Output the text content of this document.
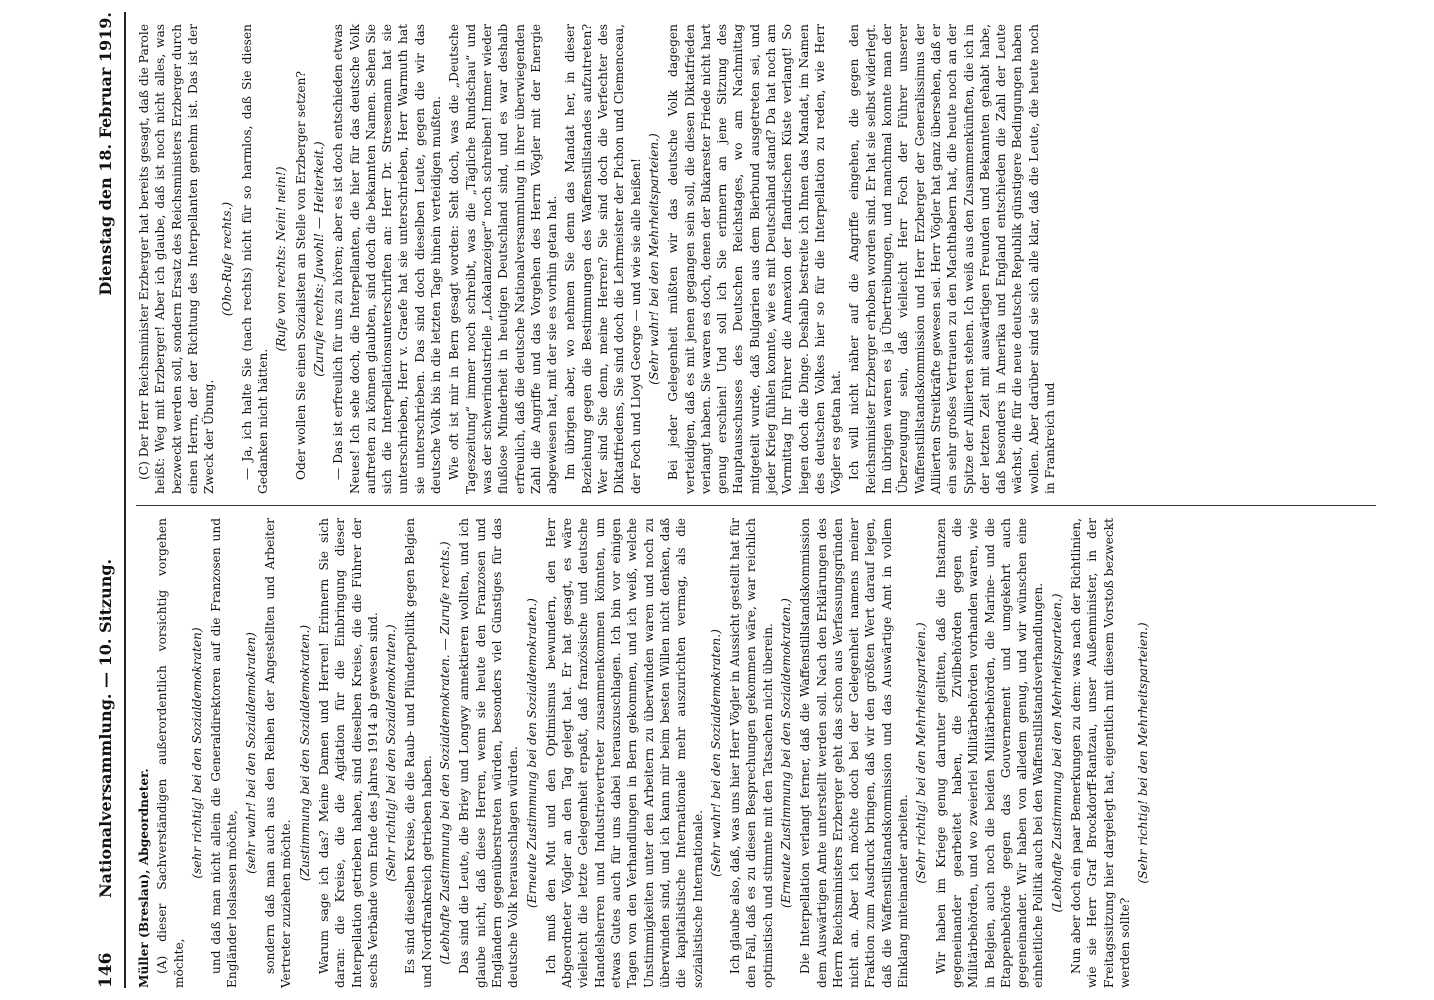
146
Nationalversammlung. — 10. Sitzung.
Dienstag den 18. Februar 1919.

Müller (Breslau), Abgeordneter. (A) dieser Sachverständigen außerordentlich vorsichtig vorgehen möchte,

(sehr richtig! bei den Sozialdemokraten) und daß man nicht allein die Generaldirektoren auf die Franzosen und Engländer loslassen möchte,

(sehr wahr! bei den Sozialdemokraten) sondern daß man auch aus den Reihen der Angestellten und Arbeiter Vertreter zuziehen möchte.

(Zustimmung bei den Sozialdemokraten.) Warum sage ich das? Meine Damen und Herren! Erinnern Sie sich daran: die Kreise, die die Agitation für die Einbringung dieser Interpellation getrieben haben, sind dieselben Kreise, die die Führer der sechs Verbände vom Ende des Jahres 1914 ab gewesen sind. (Sehr richtig! bei den Sozialdemokraten.) Es sind dieselben Kreise, die die Raub- und Plünderpolitik gegen Belgien und Nordfrankreich getrieben haben. (Lebhafte Zustimmung bei den Sozialdemokraten. — Zurufe rechts.) Das sind die Leute, die Briey und Longwy annektieren wollten, und ich glaube nicht, daß diese Herren, wenn sie heute den Franzosen und Engländern gegenüberstreten würden, besonders viel Günstiges für das deutsche Volk herausschlagen würden. (Erneute Zustimmung bei den Sozialdemokraten.) Ich muß den Mut und den Optimismus bewundern, den Herr Abgeordneter Vögler an den Tag gelegt hat. Er hat gesagt, es wäre vielleicht die letzte Gelegenheit erpaßt, daß französische und deutsche Handelsherren und Industrievertreter zusammenkommen könnten, um etwas Gutes auch für uns dabei herauszuschlagen. Ich bin vor einigen Tagen von den Verhandlungen in Bern gekommen, und ich weiß, welche Unstimmigkeiten unter den Arbeitern zu überwinden waren und noch zu überwinden sind, und ich kann mir beim besten Willen nicht denken, daß die kapitalistische Internationale mehr auszurichten vermag, als die sozialistische Internationale.

(Sehr wahr! bei den Sozialdemokraten.) Ich glaube also, daß, was uns hier Herr Vögler in Aussicht gestellt hat für den Fall, daß es zu diesen Besprechungen gekommen wäre, war reichlich optimistisch und stimmte mit den Tatsachen nicht überein. (Erneute Zustimmung bei den Sozialdemokraten.) Die Interpellation verlangt ferner, daß die Waffenstillstandskommission dem Auswärtigen Amte unterstellt werden soll. Nach den Erklärungen des Herrn Reichsministers Erzberger geht das schon aus Verfassungsgründen nicht an. Aber ich möchte doch bei der Gelegenheit namens meiner Fraktion zum Ausdruck bringen, daß wir den größten Wert darauf legen, daß die Waffenstillstandskommission und das Auswärtige Amt in vollem Einklang miteinander arbeiten.

(Sehr richtig! bei den Mehrheitsparteien.) Wir haben im Kriege genug darunter gelitten, daß die Instanzen gegeneinander gearbeitet haben, die Zivilbehörden gegen die Militärbehörden, und wo zweierlei Militärbehörden vorhanden waren, wie in Belgien, auch noch die beiden Militärbehörden, die Marine- und die Etappenbehörde gegen das Gouvernement und umgekehrt auch gegeneinander. Wir haben von alledem genug, und wir wünschen eine einheitliche Politik auch bei den Waffenstillstandsverhandlungen. (Lebhafte Zustimmung bei den Mehrheitsparteien.) Nun aber doch ein paar Bemerkungen zu dem: was nach der Richtlinien, wie sie Herr Graf Brockdorff-Rantzau, unser Außenminister, in der Freitagssitzung hier dargelegt hat, eigentlich mit diesem Vorstoß bezweckt werden sollte?

(Sehr richtig! bei den Mehrheitsparteien.)

(C) Der Herr Reichsminister Erzberger hat bereits gesagt, daß die Parole heißt: Weg mit Erzberger! Aber ich glaube, daß ist noch nicht alles, was bezweckt werden soll, sondern Ersatz des Reichsministers Erzberger durch einen Herrn, der der Richtung des Interpellanten genehm ist. Das ist der Zweck der Übung.

(Oho-Rufe rechts.) — Ja, ich halte Sie (nach rechts) nicht für so harmlos, daß Sie diesen Gedanken nicht hätten.

(Rufe von rechts: Nein! nein!) Oder wollen Sie einen Sozialisten an Stelle von Erzberger setzen? (Zurufe rechts: Jawohl! — Heiterkeit.) — Das ist erfreulich für uns zu hören; aber es ist doch entschieden etwas Neues! Ich sehe doch, die Interpellanten, die hier für das deutsche Volk auftreten zu können glaubten, sind doch die bekannten Namen. Sehen Sie sich die Interpellationsunterschriften an: Herr Dr. Stresemann hat sie unterschrieben, Herr v. Graefe hat sie unterschrieben, Herr Warmuth hat sie unterschrieben. Das sind doch dieselben Leute, gegen die wir das deutsche Volk bis in die letzten Tage hinein verteidigen mußten. Wie oft ist mir in Bern gesagt worden: Seht doch, was die „Deutsche Tageszeitung“ immer noch schreibt, was die „Tägliche Rundschau“ und was der schwerindustrielle „Lokalanzeiger“ noch schreiben! Immer wieder flußlose Minderheit in heutigen Deutschland sind, und es war deshalb erfreulich, daß die deutsche Nationalversammlung in ihrer überwiegenden Zahl die Angriffe und das Vorgehen des Herrn Vögler mit der Energie abgewiesen hat, mit der sie es vorhin getan hat. Im übrigen aber, wo nehmen Sie denn das Mandat her, in dieser Beziehung gegen die Bestimmungen des Waffenstillstandes aufzutreten? Wer sind Sie denn, meine Herren? Sie sind doch die Verfechter des Diktatfriedens, Sie sind doch die Lehrmeister der Pichon und Clemenceau, der Foch und Lloyd George — und wie sie alle heißen! (Sehr wahr! bei den Mehrheitsparteien.) Bei jeder Gelegenheit müßten wir das deutsche Volk dagegen verteidigen, daß es mit jenen gegangen sein soll, die diesen Diktatfrieden verlangt haben. Sie waren es doch, denen der Bukarester Friede nicht hart genug erschien! Und soll ich Sie erinnern an jene Sitzung des Hauptausschusses des Deutschen Reichstages, wo am Nachmittag mitgeteilt wurde, daß Bulgarien aus dem Bierbund ausgetreten sei, und jeder Krieg fühlen konnte, wie es mit Deutschland stand? Da hat noch am Vormittag Ihr Führer die Annexion der flandrischen Küste verlangt! So liegen doch die Dinge. Deshalb bestreite ich Ihnen das Mandat, im Namen des deutschen Volkes hier so für die Interpellation zu reden, wie Herr Vögler es getan hat. Ich will nicht näher auf die Angriffe eingehen, die gegen den Reichsminister Erzberger erhoben worden sind. Er hat sie selbst widerlegt. Im übrigen waren es ja Übertreibungen, und manchmal konnte man der Überzeugung sein, daß vielleicht Herr Foch der Führer unserer Waffenstillstandskommission und Herr Erzberger der Generalissimus der Alliierten Streitkräfte gewesen sei. Herr Vögler hat ganz übersehen, daß er ein sehr großes Vertrauen zu den Machthabern hat, die heute noch an der Spitze der Alliierten stehen. Ich weiß aus den Zusammenkünften, die ich in der letzten Zeit mit auswärtigen Freunden und Bekannten gehabt habe, daß besonders in Amerika und England entschieden die Zahl der Leute wächst, die für die neue deutsche Republik günstigere Bedingungen haben wollen. Aber darüber sind sie sich alle klar, daß die Leute, die heute noch in Frankreich und
